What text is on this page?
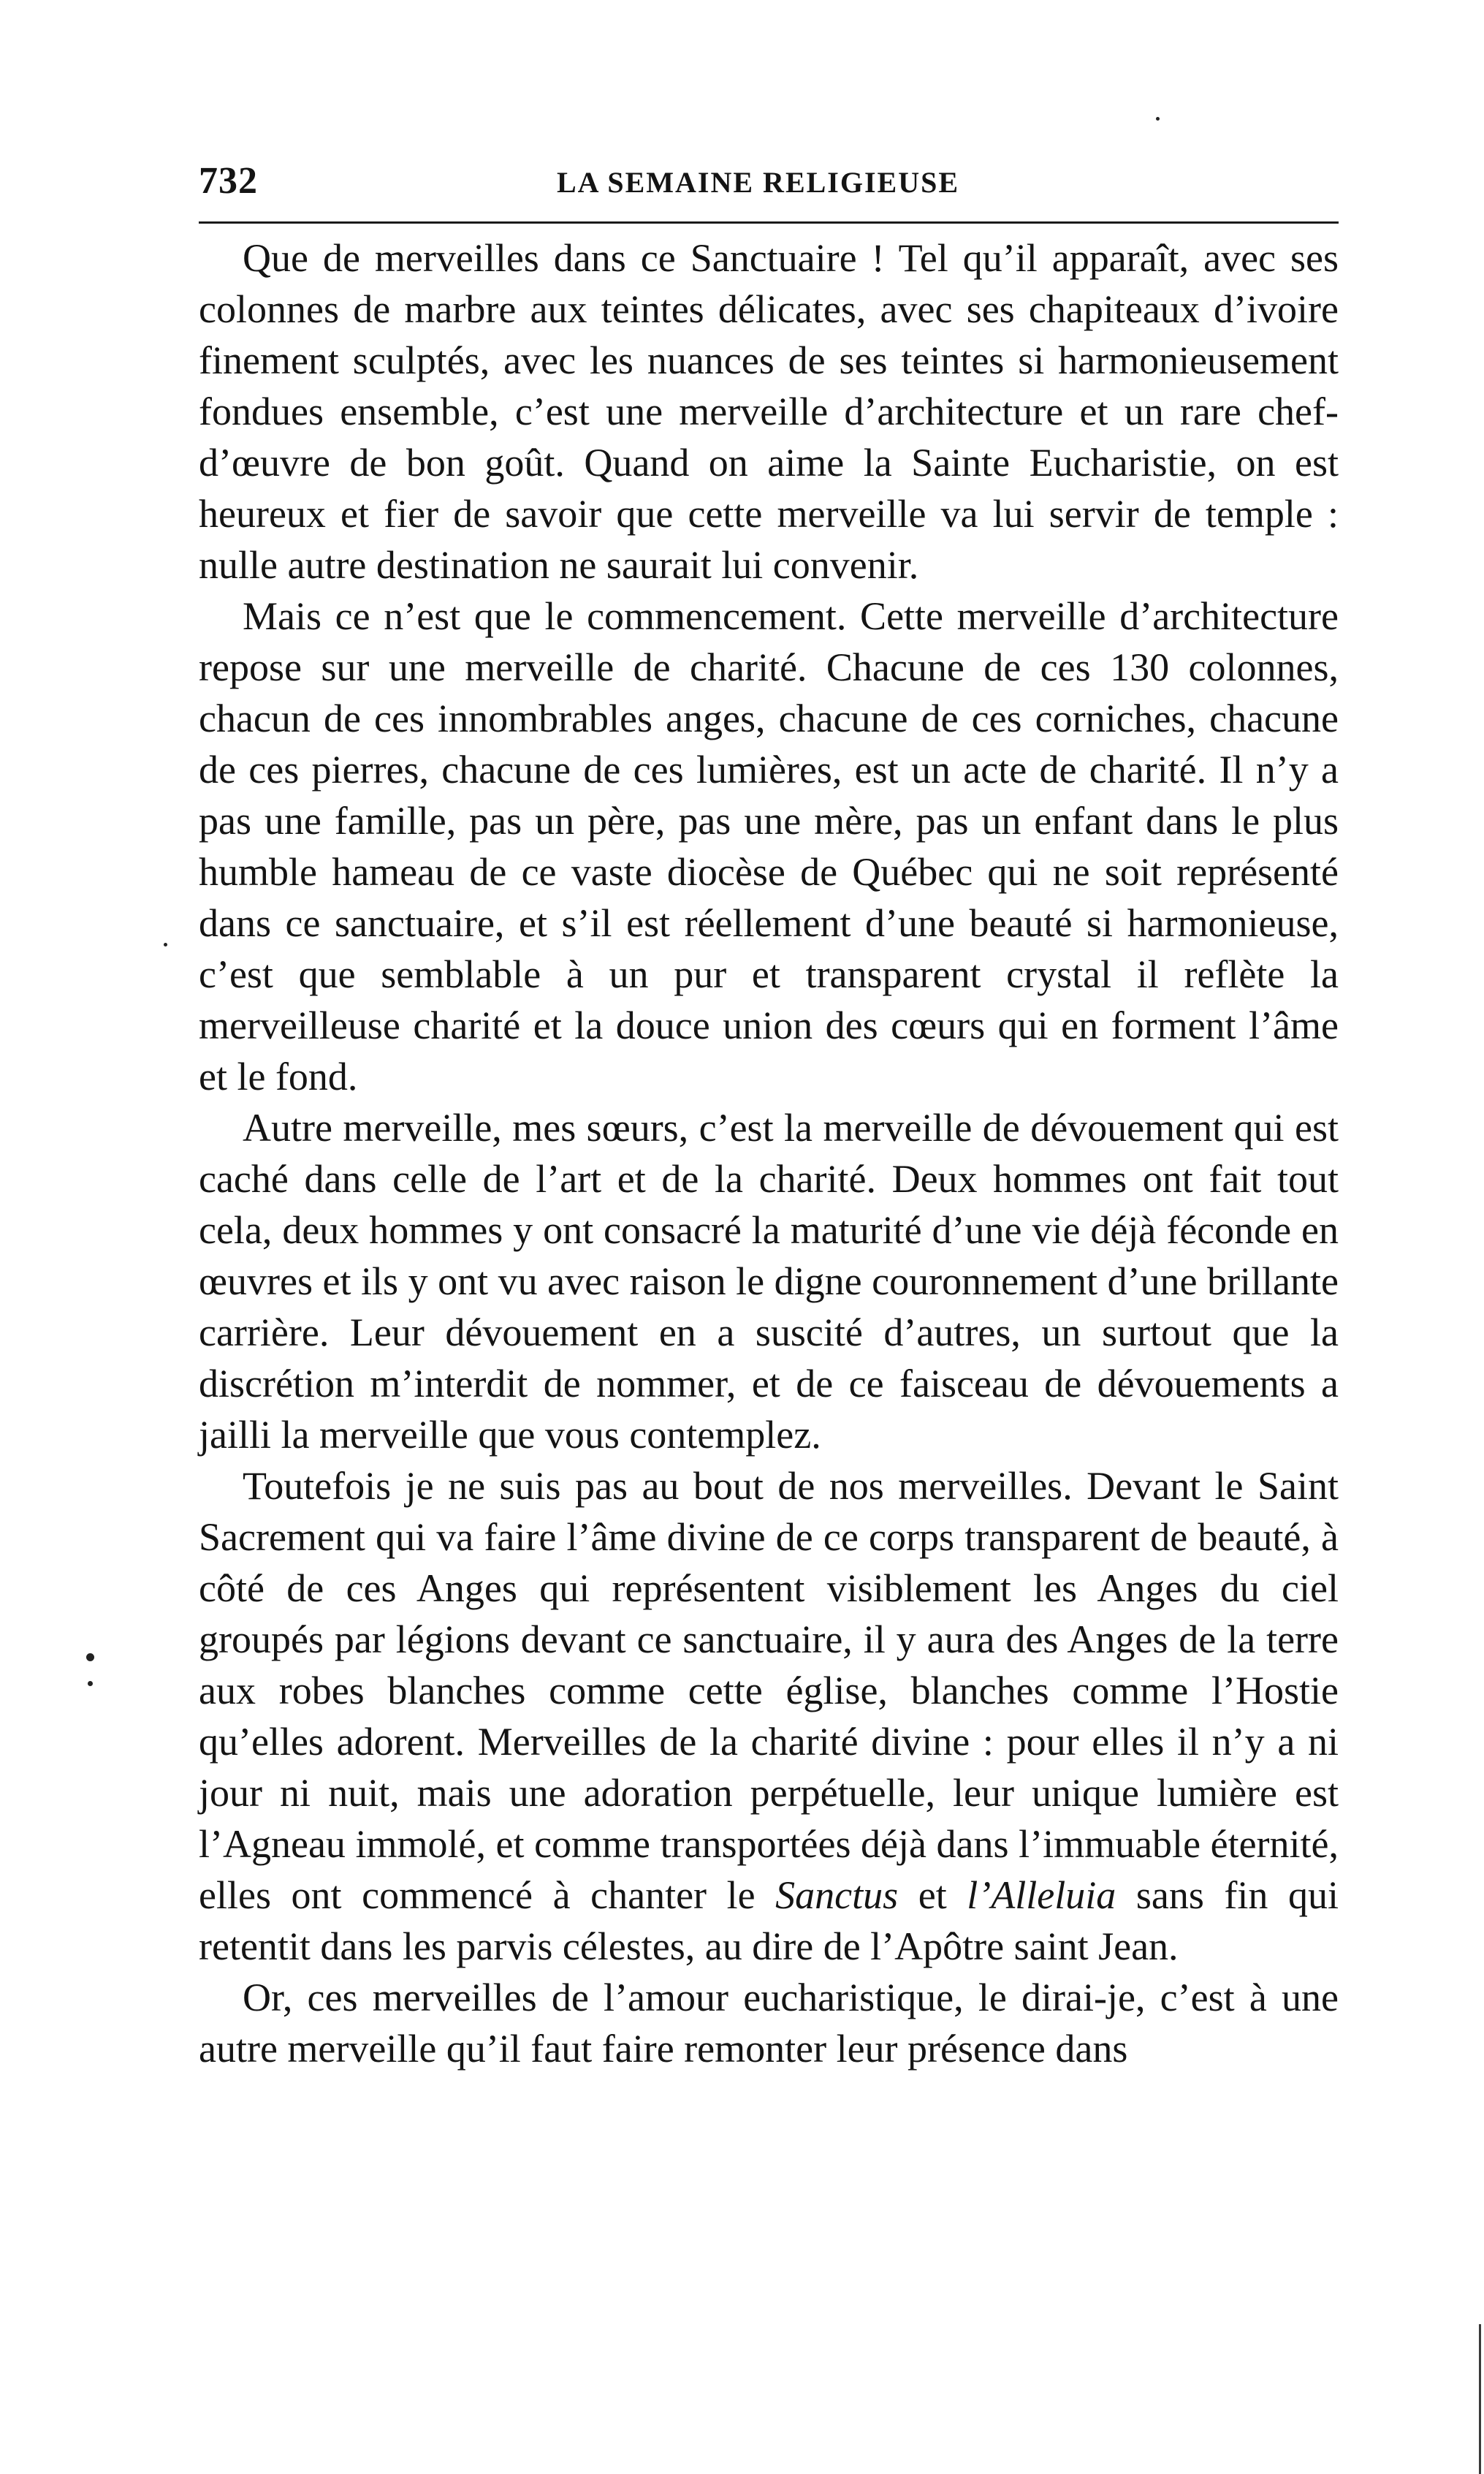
732	LA SEMAINE RELIGIEUSE

Que de merveilles dans ce Sanctuaire ! Tel qu’il apparaît, avec ses colonnes de marbre aux teintes délicates, avec ses chapiteaux d’ivoire finement sculptés, avec les nuances de ses teintes si harmonieusement fondues ensemble, c’est une merveille d’architecture et un rare chef-d’œuvre de bon goût. Quand on aime la Sainte Eucharistie, on est heureux et fier de savoir que cette merveille va lui servir de temple : nulle autre destination ne saurait lui convenir.

Mais ce n’est que le commencement. Cette merveille d’architecture repose sur une merveille de charité. Chacune de ces 130 colonnes, chacun de ces innombrables anges, chacune de ces corniches, chacune de ces pierres, chacune de ces lumières, est un acte de charité. Il n’y a pas une famille, pas un père, pas une mère, pas un enfant dans le plus humble hameau de ce vaste diocèse de Québec qui ne soit représenté dans ce sanctuaire, et s’il est réellement d’une beauté si harmonieuse, c’est que semblable à un pur et transparent crystal il reflète la merveilleuse charité et la douce union des cœurs qui en forment l’âme et le fond.

Autre merveille, mes sœurs, c’est la merveille de dévouement qui est caché dans celle de l’art et de la charité. Deux hommes ont fait tout cela, deux hommes y ont consacré la maturité d’une vie déjà féconde en œuvres et ils y ont vu avec raison le digne couronnement d’une brillante carrière. Leur dévouement en a suscité d’autres, un surtout que la discrétion m’interdit de nommer, et de ce faisceau de dévouements a jailli la merveille que vous contemplez.

Toutefois je ne suis pas au bout de nos merveilles. Devant le Saint Sacrement qui va faire l’âme divine de ce corps transparent de beauté, à côté de ces Anges qui représentent visiblement les Anges du ciel groupés par légions devant ce sanctuaire, il y aura des Anges de la terre aux robes blanches comme cette église, blanches comme l’Hostie qu’elles adorent. Merveilles de la charité divine : pour elles il n’y a ni jour ni nuit, mais une adoration perpétuelle, leur unique lumière est l’Agneau immolé, et comme transportées déjà dans l’immuable éternité, elles ont commencé à chanter le Sanctus et l’Alleluia sans fin qui retentit dans les parvis célestes, au dire de l’Apôtre saint Jean.

Or, ces merveilles de l’amour eucharistique, le dirai-je, c’est à une autre merveille qu’il faut faire remonter leur présence dans
